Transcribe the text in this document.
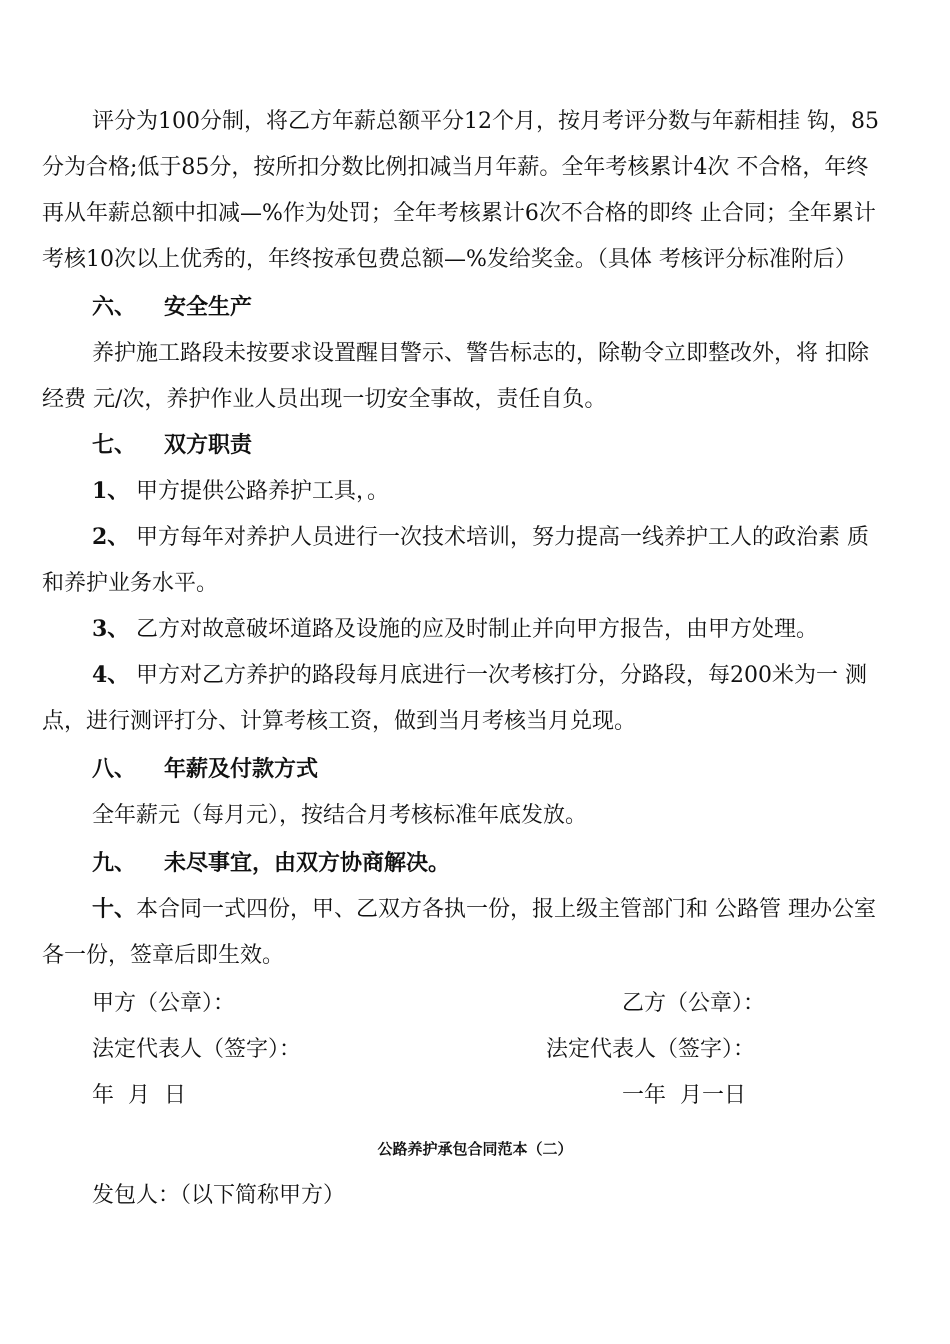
评分为100分制，将乙方年薪总额平分12个月，按月考评分数与年薪相挂 钩，85
分为合格;低于85分，按所扣分数比例扣减当月年薪。全年考核累计4次 不合格，年终
再从年薪总额中扣减—%作为处罚；全年考核累计6次不合格的即终 止合同；全年累计
考核10次以上优秀的，年终按承包费总额—%发给奖金。（具体 考核评分标准附后）
六、 安全生产
养护施工路段未按要求设置醒目警示、警告标志的，除勒令立即整改外，将 扣除
经费 元/次，养护作业人员出现一切安全事故，责任自负。
七、 双方职责
1、 甲方提供公路养护工具，。
2、 甲方每年对养护人员进行一次技术培训，努力提高一线养护工人的政治素 质
和养护业务水平。
3、 乙方对故意破坏道路及设施的应及时制止并向甲方报告，由甲方处理。
4、 甲方对乙方养护的路段每月底进行一次考核打分，分路段，每200米为一 测
点，进行测评打分、计算考核工资，做到当月考核当月兑现。
八、 年薪及付款方式
全年薪元（每月元），按结合月考核标准年底发放。
九、 未尽事宜，由双方协商解决。
十、本合同一式四份，甲、乙双方各执一份，报上级主管部门和 公路管 理办公室
各一份，签章后即生效。
甲方（公章）：	乙方（公章）：
法定代表人（签字）：	法定代表人（签字）：
年  月  日	一年  月一日
公路养护承包合同范本（二）
发包人：（以下简称甲方）
